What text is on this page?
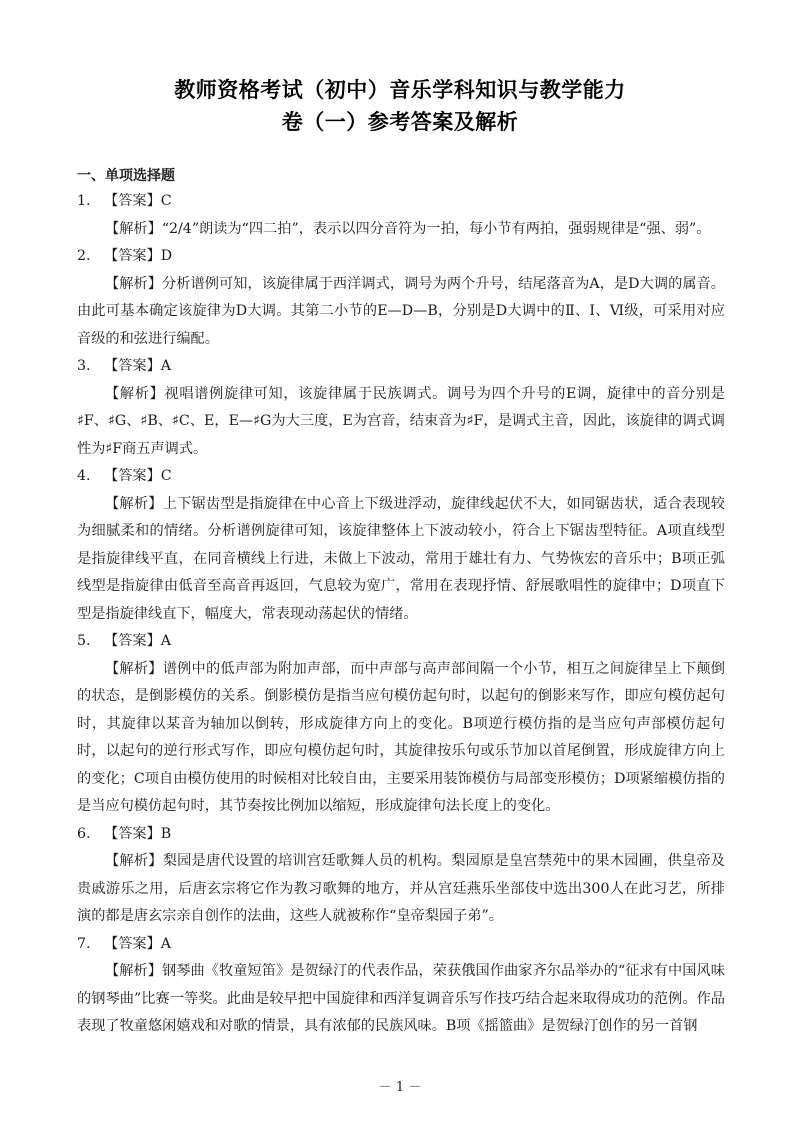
教师资格考试（初中）音乐学科知识与教学能力
卷（一）参考答案及解析
一、单项选择题
1. 【答案】C

【解析】“2/4”朗读为“四二拍”，表示以四分音符为一拍，每小节有两拍，强弱规律是“强、弱”。

2. 【答案】D

【解析】分析谱例可知，该旋律属于西洋调式，调号为两个升号，结尾落音为A，是D大调的属音。由此可基本确定该旋律为D大调。其第二小节的E—D—B，分别是D大调中的Ⅱ、Ⅰ、Ⅵ级，可采用对应音级的和弦进行编配。

3. 【答案】A

【解析】视唱谱例旋律可知，该旋律属于民族调式。调号为四个升号的E调，旋律中的音分别是♯F、♯G、♯B、♯C、E，E—♯G为大三度，E为宫音，结束音为♯F，是调式主音，因此，该旋律的调式调性为♯F商五声调式。

4. 【答案】C

【解析】上下锯齿型是指旋律在中心音上下级进浮动，旋律线起伏不大，如同锯齿状，适合表现较为细腻柔和的情绪。分析谱例旋律可知，该旋律整体上下波动较小，符合上下锯齿型特征。A项直线型是指旋律线平直，在同音横线上行进，未做上下波动，常用于雄壮有力、气势恢宏的音乐中；B项正弧线型是指旋律由低音至高音再返回，气息较为宽广，常用在表现抒情、舒展歌唱性的旋律中；D项直下型是指旋律线直下，幅度大，常表现动荡起伏的情绪。

5. 【答案】A

【解析】谱例中的低声部为附加声部，而中声部与高声部间隔一个小节，相互之间旋律呈上下颠倒的状态，是倒影模仿的关系。倒影模仿是指当应句模仿起句时，以起句的倒影来写作，即应句模仿起句时，其旋律以某音为轴加以倒转，形成旋律方向上的变化。B项逆行模仿指的是当应句声部模仿起句时，以起句的逆行形式写作，即应句模仿起句时，其旋律按乐句或乐节加以首尾倒置，形成旋律方向上的变化；C项自由模仿使用的时候相对比较自由，主要采用装饰模仿与局部变形模仿；D项紧缩模仿指的是当应句模仿起句时，其节奏按比例加以缩短，形成旋律句法长度上的变化。

6. 【答案】B

【解析】梨园是唐代设置的培训宫廷歌舞人员的机构。梨园原是皇宫禁苑中的果木园圃，供皇帝及贵戚游乐之用，后唐玄宗将它作为教习歌舞的地方，并从宫廷燕乐坐部伎中选出300人在此习艺，所排演的都是唐玄宗亲自创作的法曲，这些人就被称作“皇帝梨园子弟”。

7. 【答案】A

【解析】钢琴曲《牧童短笛》是贺绿汀的代表作品，荣获俄国作曲家齐尔品举办的“征求有中国风味的钢琴曲”比赛一等奖。此曲是较早把中国旋律和西洋复调音乐写作技巧结合起来取得成功的范例。作品表现了牧童悠闲嬉戏和对歌的情景，具有浓郁的民族风味。B项《摇篮曲》是贺绿汀创作的另一首钢

－ 1 －
